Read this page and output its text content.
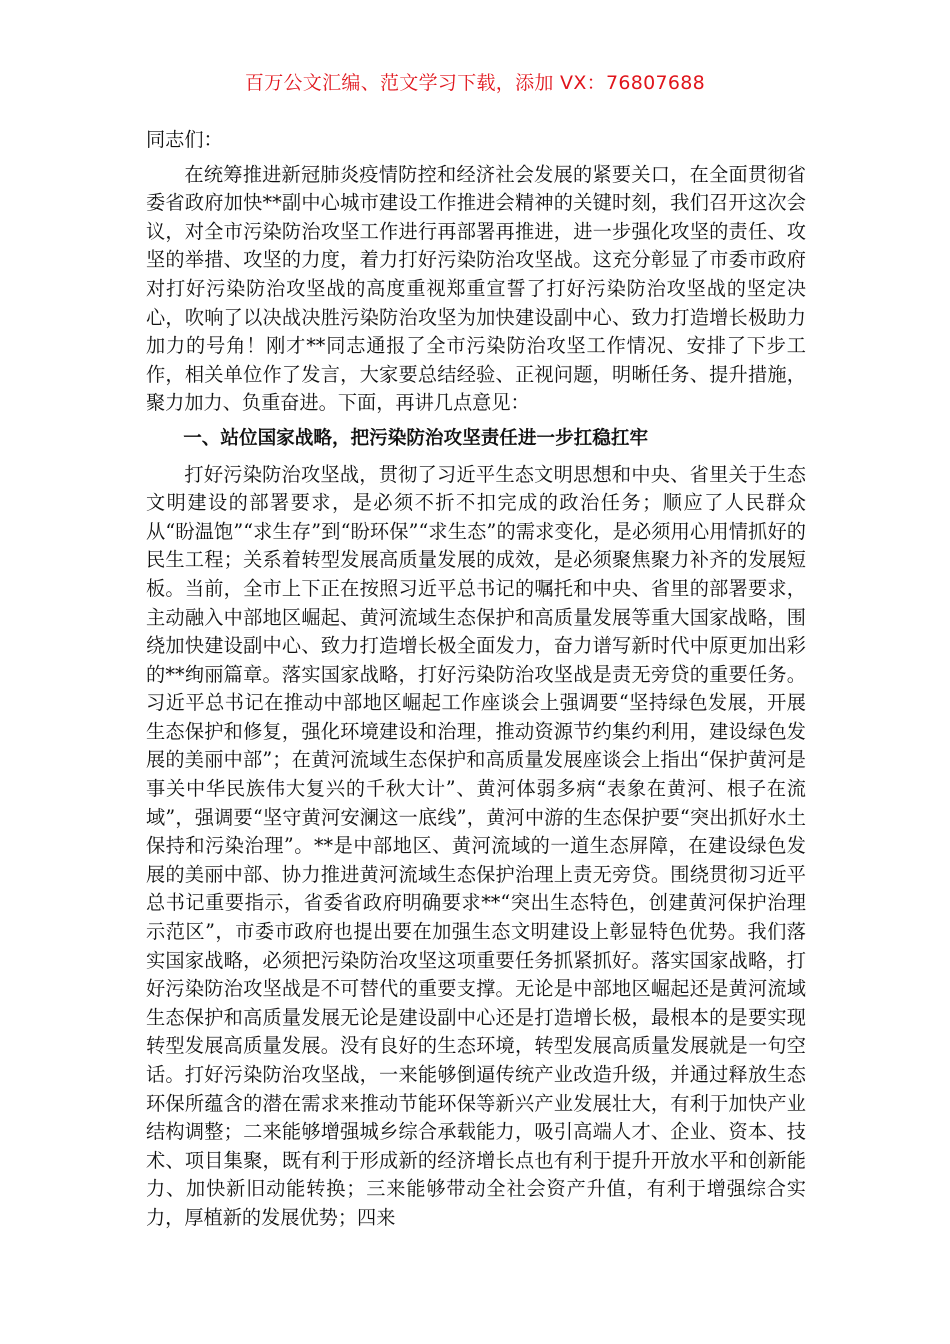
百万公文汇编、范文学习下载，添加 VX：76807688

同志们：

在统筹推进新冠肺炎疫情防控和经济社会发展的紧要关口，在全面贯彻省委省政府加快**副中心城市建设工作推进会精神的关键时刻，我们召开这次会议，对全市污染防治攻坚工作进行再部署再推进，进一步强化攻坚的责任、攻坚的举措、攻坚的力度，着力打好污染防治攻坚战。这充分彰显了市委市政府对打好污染防治攻坚战的高度重视郑重宣誓了打好污染防治攻坚战的坚定决心，吹响了以决战决胜污染防治攻坚为加快建设副中心、致力打造增长极助力加力的号角！刚才**同志通报了全市污染防治攻坚工作情况、安排了下步工作，相关单位作了发言，大家要总结经验、正视问题，明晰任务、提升措施，聚力加力、负重奋进。下面，再讲几点意见：

一、站位国家战略，把污染防治攻坚责任进一步扛稳扛牢

打好污染防治攻坚战，贯彻了习近平生态文明思想和中央、省里关于生态文明建设的部署要求，是必须不折不扣完成的政治任务；顺应了人民群众从“盼温饱”“求生存”到“盼环保”“求生态”的需求变化，是必须用心用情抓好的民生工程；关系着转型发展高质量发展的成效，是必须聚焦聚力补齐的发展短板。当前，全市上下正在按照习近平总书记的嘱托和中央、省里的部署要求，主动融入中部地区崛起、黄河流域生态保护和高质量发展等重大国家战略，围绕加快建设副中心、致力打造增长极全面发力，奋力谱写新时代中原更加出彩的**绚丽篇章。落实国家战略，打好污染防治攻坚战是责无旁贷的重要任务。习近平总书记在推动中部地区崛起工作座谈会上强调要“坚持绿色发展，开展生态保护和修复，强化环境建设和治理，推动资源节约集约利用，建设绿色发展的美丽中部”；在黄河流域生态保护和高质量发展座谈会上指出“保护黄河是事关中华民族伟大复兴的千秋大计”、黄河体弱多病“表象在黄河、根子在流域”，强调要“坚守黄河安澜这一底线”，黄河中游的生态保护要“突出抓好水土保持和污染治理”。**是中部地区、黄河流域的一道生态屏障，在建设绿色发展的美丽中部、协力推进黄河流域生态保护治理上责无旁贷。围绕贯彻习近平总书记重要指示，省委省政府明确要求**“突出生态特色，创建黄河保护治理示范区”，市委市政府也提出要在加强生态文明建设上彰显特色优势。我们落实国家战略，必须把污染防治攻坚这项重要任务抓紧抓好。落实国家战略，打好污染防治攻坚战是不可替代的重要支撑。无论是中部地区崛起还是黄河流域生态保护和高质量发展无论是建设副中心还是打造增长极，最根本的是要实现转型发展高质量发展。没有良好的生态环境，转型发展高质量发展就是一句空话。打好污染防治攻坚战，一来能够倒逼传统产业改造升级，并通过释放生态环保所蕴含的潜在需求来推动节能环保等新兴产业发展壮大，有利于加快产业结构调整；二来能够增强城乡综合承载能力，吸引高端人才、企业、资本、技术、项目集聚，既有利于形成新的经济增长点也有利于提升开放水平和创新能力、加快新旧动能转换；三来能够带动全社会资产升值，有利于增强综合实力，厚植新的发展优势；四来
